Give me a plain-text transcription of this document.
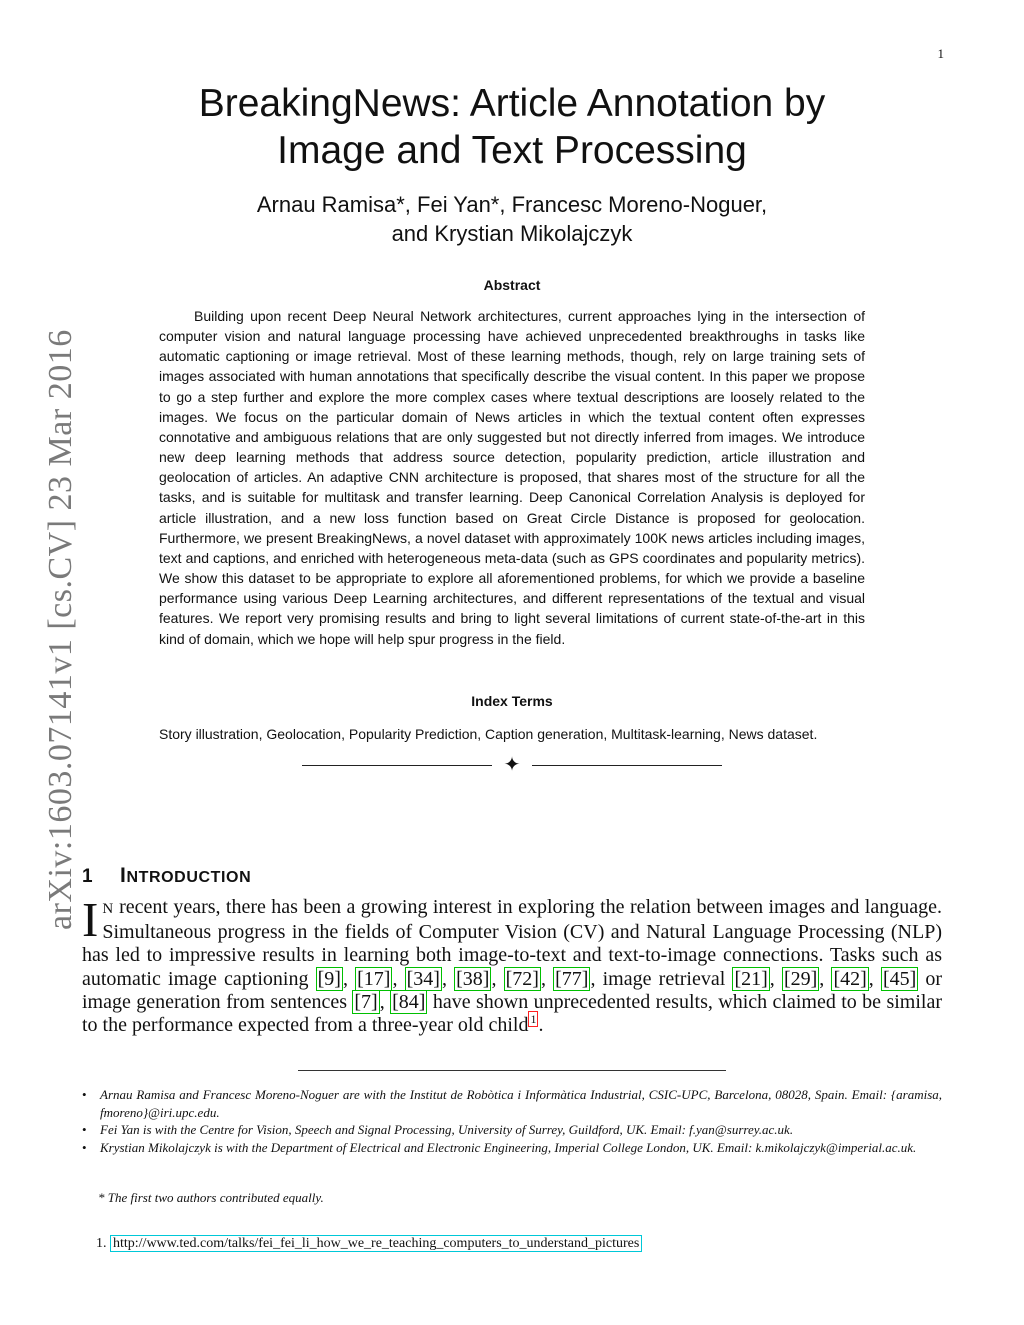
1
arXiv:1603.07141v1 [cs.CV] 23 Mar 2016
BreakingNews: Article Annotation by
Image and Text Processing
Arnau Ramisa*, Fei Yan*, Francesc Moreno-Noguer,
and Krystian Mikolajczyk
Abstract
Building upon recent Deep Neural Network architectures, current approaches lying in the intersection of computer vision and natural language processing have achieved unprecedented breakthroughs in tasks like automatic captioning or image retrieval. Most of these learning methods, though, rely on large training sets of images associated with human annotations that specifically describe the visual content. In this paper we propose to go a step further and explore the more complex cases where textual descriptions are loosely related to the images. We focus on the particular domain of News articles in which the textual content often expresses connotative and ambiguous relations that are only suggested but not directly inferred from images. We introduce new deep learning methods that address source detection, popularity prediction, article illustration and geolocation of articles. An adaptive CNN architecture is proposed, that shares most of the structure for all the tasks, and is suitable for multitask and transfer learning. Deep Canonical Correlation Analysis is deployed for article illustration, and a new loss function based on Great Circle Distance is proposed for geolocation. Furthermore, we present BreakingNews, a novel dataset with approximately 100K news articles including images, text and captions, and enriched with heterogeneous meta-data (such as GPS coordinates and popularity metrics). We show this dataset to be appropriate to explore all aforementioned problems, for which we provide a baseline performance using various Deep Learning architectures, and different representations of the textual and visual features. We report very promising results and bring to light several limitations of current state-of-the-art in this kind of domain, which we hope will help spur progress in the field.
Index Terms
Story illustration, Geolocation, Popularity Prediction, Caption generation, Multitask-learning, News dataset.
✦
1 INTRODUCTION
I N recent years, there has been a growing interest in exploring the relation between images and language. Simultaneous progress in the fields of Computer Vision (CV) and Natural Language Processing (NLP) has led to impressive results in learning both image-to-text and text-to-image connections. Tasks such as automatic image captioning [9] , [17] , [34] , [38] , [72] , [77] , image retrieval [21] , [29] , [42] , [45] or image generation from sentences [7] , [84] have shown unprecedented results, which claimed to be similar to the performance expected from a three-year old child $^1$ .
• Arnau Ramisa and Francesc Moreno-Noguer are with the Institut de Robòtica i Informàtica Industrial, CSIC-UPC, Barcelona, 08028, Spain. Email: {aramisa, fmoreno}@iri.upc.edu.
• Fei Yan is with the Centre for Vision, Speech and Signal Processing, University of Surrey, Guildford, UK. Email: f.yan@surrey.ac.uk.
• Krystian Mikolajczyk is with the Department of Electrical and Electronic Engineering, Imperial College London, UK. Email: k.mikolajczyk@imperial.ac.uk.
* The first two authors contributed equally.
1. http://www.ted.com/talks/fei_fei_li_how_we_re_teaching_computers_to_understand_pictures
